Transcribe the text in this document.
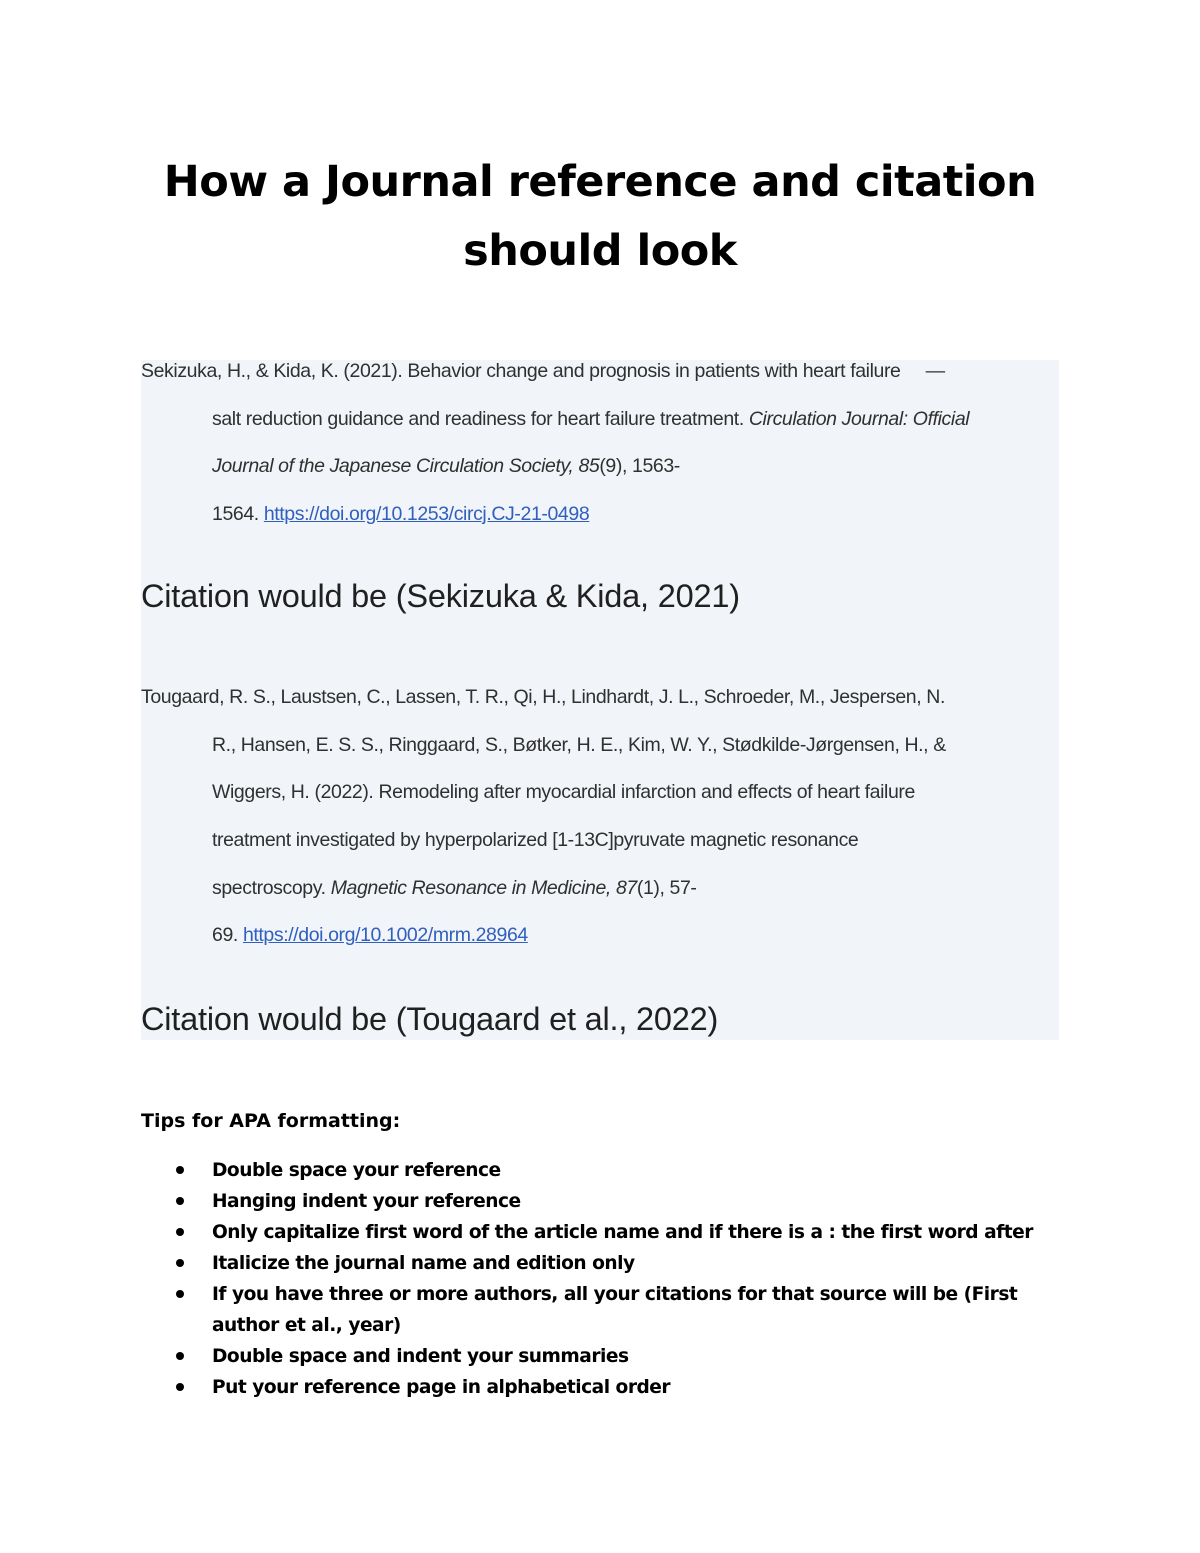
How a Journal reference and citation
should look
Sekizuka, H., & Kida, K. (2021). Behavior change and prognosis in patients with heart failure     —
salt reduction guidance and readiness for heart failure treatment. Circulation Journal: Official
Journal of the Japanese Circulation Society, 85(9), 1563-
1564. https://doi.org/10.1253/circj.CJ-21-0498
Citation would be (Sekizuka & Kida, 2021)
Tougaard, R. S., Laustsen, C., Lassen, T. R., Qi, H., Lindhardt, J. L., Schroeder, M., Jespersen, N.
R., Hansen, E. S. S., Ringgaard, S., Bøtker, H. E., Kim, W. Y., Stødkilde-Jørgensen, H., &
Wiggers, H. (2022). Remodeling after myocardial infarction and effects of heart failure
treatment investigated by hyperpolarized [1-13C]pyruvate magnetic resonance
spectroscopy. Magnetic Resonance in Medicine, 87(1), 57-
69. https://doi.org/10.1002/mrm.28964
Citation would be (Tougaard et al., 2022)
Tips for APA formatting:
Double space your reference
Hanging indent your reference
Only capitalize first word of the article name and if there is a : the first word after
Italicize the journal name and edition only
If you have three or more authors, all your citations for that source will be (First author et al., year)
Double space and indent your summaries
Put your reference page in alphabetical order
